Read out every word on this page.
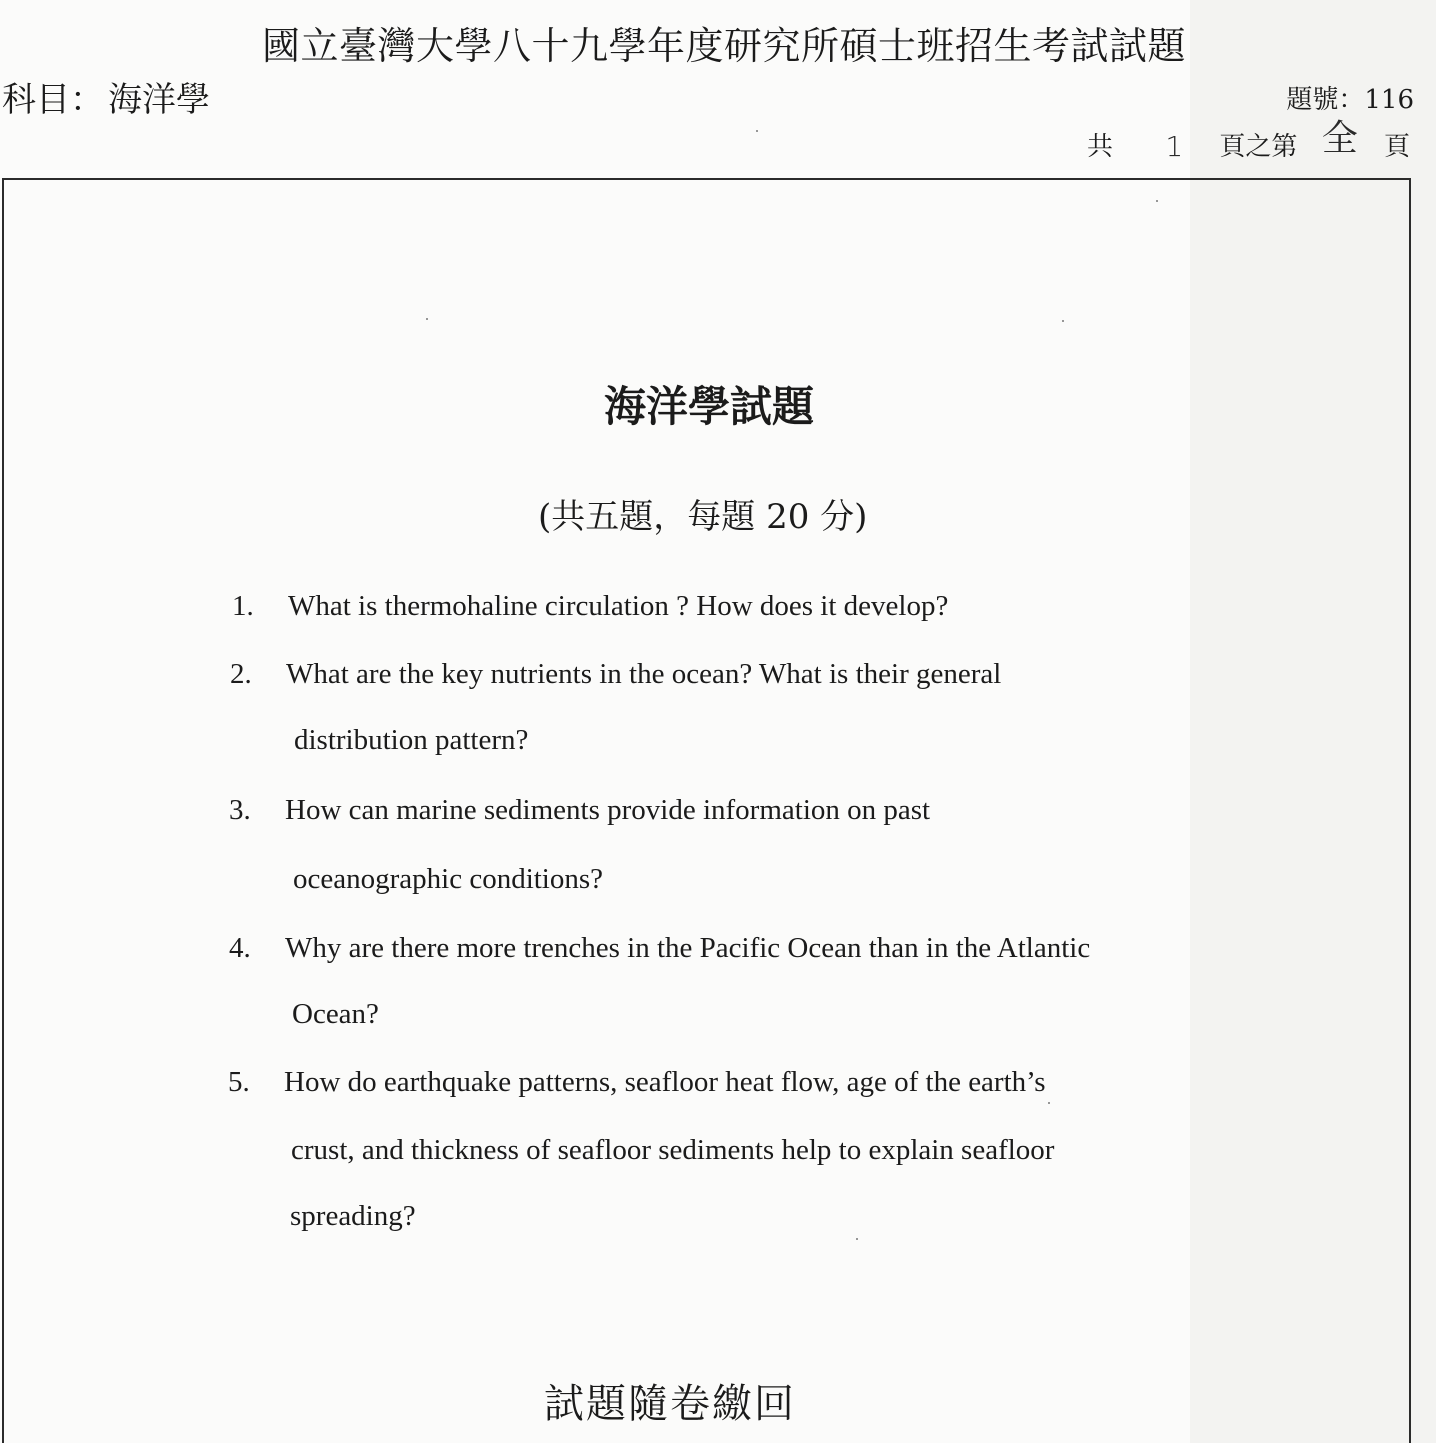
國立臺灣大學八十九學年度研究所碩士班招生考試試題
科目： 海洋學	題號：116
共 1 頁之第 全 頁
海洋學試題
(共五題，每題 20 分)
1. What is thermohaline circulation ? How does it develop?
2. What are the key nutrients in the ocean? What is their general
distribution pattern?
3. How can marine sediments provide information on past
oceanographic conditions?
4. Why are there more trenches in the Pacific Ocean than in the Atlantic
Ocean?
5. How do earthquake patterns, seafloor heat flow, age of the earth’s
crust, and thickness of seafloor sediments help to explain seafloor
spreading?
試題隨卷繳回
